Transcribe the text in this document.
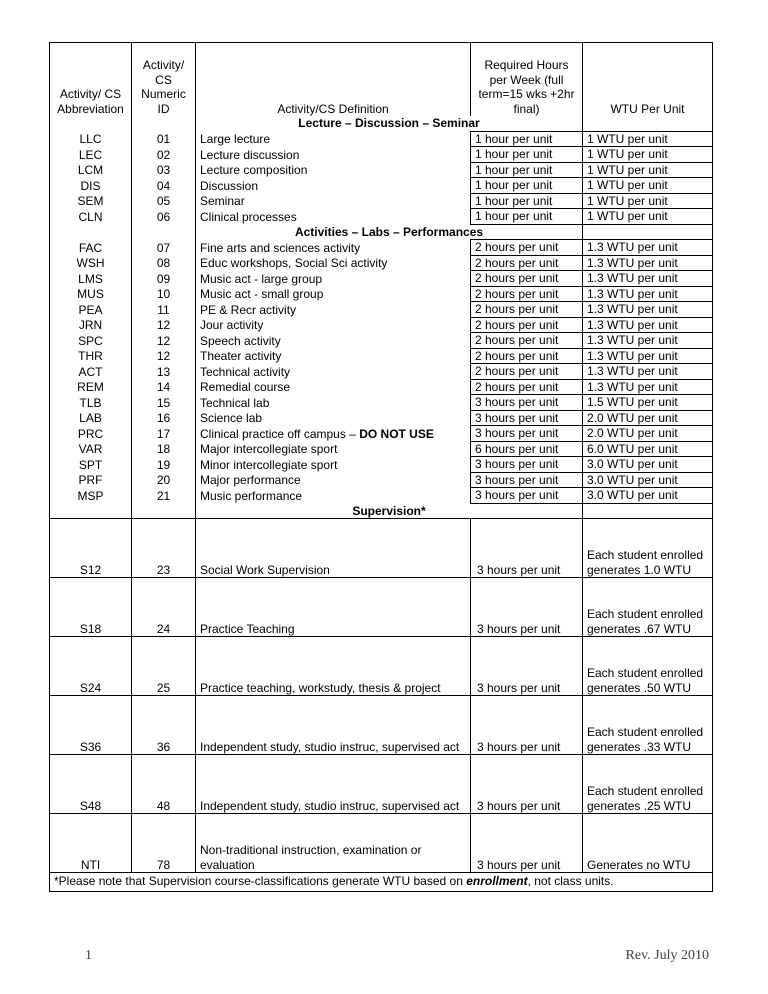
Activity/ CS Abbreviation	Activity/ CS Numeric ID	Activity/CS Definition	Required Hours per Week (full term=15 wks +2hr final)	WTU Per Unit
		Lecture – Discussion – Seminar		
LLC	01	Large lecture	1 hour per unit	1 WTU per unit
LEC	02	Lecture discussion	1 hour per unit	1 WTU per unit
LCM	03	Lecture composition	1 hour per unit	1 WTU per unit
DIS	04	Discussion	1 hour per unit	1 WTU per unit
SEM	05	Seminar	1 hour per unit	1 WTU per unit
CLN	06	Clinical processes	1 hour per unit	1 WTU per unit
		Activities – Labs – Performances		
FAC	07	Fine arts and sciences activity	2 hours per unit	1.3 WTU per unit
WSH	08	Educ workshops, Social Sci activity	2 hours per unit	1.3 WTU per unit
LMS	09	Music act - large group	2 hours per unit	1.3 WTU per unit
MUS	10	Music act - small group	2 hours per unit	1.3 WTU per unit
PEA	11	PE & Recr activity	2 hours per unit	1.3 WTU per unit
JRN	12	Jour activity	2 hours per unit	1.3 WTU per unit
SPC	12	Speech activity	2 hours per unit	1.3 WTU per unit
THR	12	Theater activity	2 hours per unit	1.3 WTU per unit
ACT	13	Technical activity	2 hours per unit	1.3 WTU per unit
REM	14	Remedial course	2 hours per unit	1.3 WTU per unit
TLB	15	Technical lab	3 hours per unit	1.5 WTU per unit
LAB	16	Science lab	3 hours per unit	2.0 WTU per unit
PRC	17	Clinical practice off campus – DO NOT USE	3 hours per unit	2.0 WTU per unit
VAR	18	Major intercollegiate sport	6 hours per unit	6.0 WTU per unit
SPT	19	Minor intercollegiate sport	3 hours per unit	3.0 WTU per unit
PRF	20	Major performance	3 hours per unit	3.0 WTU per unit
MSP	21	Music performance	3 hours per unit	3.0 WTU per unit
		Supervision*		
S12	23	Social Work Supervision	3 hours per unit	Each student enrolled generates 1.0 WTU
S18	24	Practice Teaching	3 hours per unit	Each student enrolled generates .67 WTU
S24	25	Practice teaching, workstudy, thesis & project	3 hours per unit	Each student enrolled generates .50 WTU
S36	36	Independent study, studio instruc, supervised act	3 hours per unit	Each student enrolled generates .33 WTU
S48	48	Independent study, studio instruc, supervised act	3 hours per unit	Each student enrolled generates .25 WTU
NTI	78	Non-traditional instruction, examination or evaluation	3 hours per unit	Generates no WTU
*Please note that Supervision course-classifications generate WTU based on enrollment, not class units.				
1	Rev. July 2010
